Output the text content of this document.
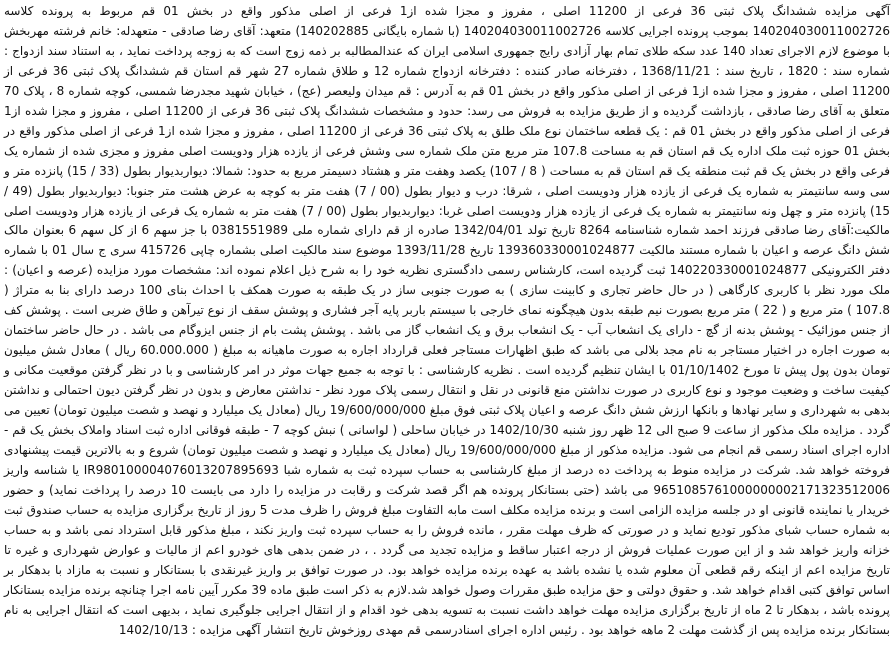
آگهی مزایده ششدانگ پلاک ثبتی 36 فرعی از 11200 اصلی ، مفروز و مجزا شده از1 فرعی از اصلی مذکور واقع در بخش 01 قم مربوط به پرونده کلاسه 140204030011002726 بموجب پرونده اجرایی کلاسه 140204030011002726 (با شماره بایگانی 140202885) متعهد: آقای رضا صادقی - متعهدله: خانم فرشته مهربخش با موضوع لازم الاجرای تعداد 140 عدد سکه طلای تمام بهار آزادی رایج جمهوری اسلامی ایران که عندالمطالبه بر ذمه زوج است که به زوجه پرداخت نماید ، به استناد سند ازدواج : شماره سند : 1820 ، تاریخ سند : 1368/11/21 ، دفترخانه صادر کننده : دفترخانه ازدواج شماره 12 و طلاق شماره 27 شهر قم استان قم ششدانگ پلاک ثبتی 36 فرعی از 11200 اصلی ، مفروز و مجزا شده از1 فرعی از اصلی مذکور واقع در بخش 01 قم به آدرس : قم میدان ولیعصر (عج) ، خیابان شهید مجدرضا شمسی، کوچه شماره 8 ، پلاک 70 متعلق به آقای رضا صادقی ، بازداشت گردیده و از طریق مزایده به فروش می رسد: حدود و مشخصات ششدانگ پلاک ثبتی 36 فرعی از 11200 اصلی ، مفروز و مجزا شده از1 فرعی از اصلی مذکور واقع در بخش 01 قم : یک قطعه ساختمان نوع ملک طلق به پلاک ثبتی 36 فرعی از 11200 اصلی ، مفروز و مجزا شده از1 فرعی از اصلی مذکور واقع در بخش 01 حوزه ثبت ملک اداره یک قم استان قم به مساحت 107.8 متر مربع متن ملک شماره سی وشش فرعی از یازده هزار ودویست اصلی مفروز و مجزی شده از شماره یک فرعی واقع در بخش یک قم ثبت منطقه یک قم استان قم به مساحت ( 8 / 107) یکصد وهفت متر و هشتاد دسیمتر مربع به حدود: شمالا: دیواربدیوار بطول (33 / 15) پانزده متر و سی وسه سانتیمتر به شماره یک فرعی از یازده هزار ودویست اصلی ، شرقا: درب و دیوار بطول (00 / 7) هفت متر به کوچه به عرض هشت متر جنوبا: دیواربدیوار بطول (49 / 15) پانزده متر و چهل ونه سانتیمتر به شماره یک فرعی از یازده هزار ودویست اصلی غربا: دیواربدیوار بطول (00 / 7) هفت متر به شماره یک فرعی از یازده هزار ودویست اصلی مالکیت:آقای رضا صادقی فرزند احمد شماره شناسنامه 8264 تاریخ تولد 1342/04/01 صادره از قم دارای شماره ملی 0381551989 با جز سهم 6 از کل سهم 6 بعنوان مالک شش دانگ عرصه و اعیان با شماره مستند مالکیت 139360330001024877 تاریخ 1393/11/28 موضوع سند مالکیت اصلی بشماره چاپی 415726 سری ج سال 01 با شماره دفتر الکترونیکی 140220330001024877 ثبت گردیده است، کارشناس رسمی دادگستری نظریه خود را به شرح ذیل اعلام نموده اند: مشخصات مورد مزایده (عرصه و اعیان) : ملک مورد نظر با کاربری کارگاهی ( در حال حاضر تجاری و کابینت سازی ) به صورت جنوبی ساز در یک طبقه به صورت همکف با احداث بنای 100 درصد دارای بنا به متراژ ( 107.8 ) متر مربع و ( 22 ) متر مربع بصورت نیم طبقه بدون هیچگونه نمای خارجی با سیستم باربر پایه آجر فشاری و پوشش سقف از نوع تیرآهن و طاق ضربی است . پوشش کف از جنس موزائیک - پوشش بدنه از گچ - دارای یک انشعاب آب - یک انشعاب برق و یک انشعاب گاز می باشد . پوشش پشت بام از جنس ایزوگام می باشد . در حال حاضر ساختمان به صورت اجاره در اختیار مستاجر به نام مجد بلالی می باشد که طبق اظهارات مستاجر فعلی قرارداد اجاره به صورت ماهیانه به مبلغ ( 60.000.000 ریال ) معادل شش میلیون تومان بدون پول پیش تا مورخ 01/10/1402 با ایشان تنظیم گردیده است . نظریه کارشناسی : با توجه به جمیع جهات موثر در امر کارشناسی و با در نظر گرفتن موقعیت مکانی و کیفیت ساخت و وضعیت موجود و نوع کاربری در صورت نداشتن منع قانونی در نقل و انتقال رسمی پلاک مورد نظر - نداشتن معارض و بدون در نظر گرفتن دیون احتمالی و نداشتن بدهی به شهرداری و سایر نهادها و بانکها ارزش شش دانگ عرصه و اعیان پلاک ثبتی فوق مبلغ 19/600/000/000 ریال (معادل یک میلیارد و نهصد و شصت میلیون تومان) تعیین می گردد . مزایده ملک مذکور از ساعت 9 صبح الی 12 ظهر روز شنبه 1402/10/30 در خیابان ساحلی ( لواسانی ) نبش کوچه 7 - طبقه فوقانی اداره ثبت اسناد واملاک بخش یک قم - اداره اجرای اسناد رسمی قم انجام می شود. مزایده مذکور از مبلغ 19/600/000/000 ریال (معادل یک میلیارد و نهصد و شصت میلیون تومان) شروع و به بالاترین قیمت پیشنهادی فروخته خواهد شد. شرکت در مزایده منوط به پرداخت ده درصد از مبلغ کارشناسی به حساب سپرده ثبت به شماره شبا IR980100004076013207895693 یا شناسه واریز 9651085761000000002171323512006 می باشد (حتی بستانکار پرونده هم اگر قصد شرکت و رقابت در مزایده را دارد می بایست 10 درصد را پرداخت نماید) و حضور خریدار یا نماینده قانونی او در جلسه مزایده الزامی است و برنده مزایده مکلف است مابه التفاوت مبلغ فروش را ظرف مدت 5 روز از تاریخ برگزاری مزایده به حساب صندوق ثبت به شماره حساب شبای مذکور تودیع نماید و در صورتی که ظرف مهلت مقرر ، مانده فروش را به حساب سپرده ثبت واریز نکند ، مبلغ مذکور قابل استرداد نمی باشد و به حساب خزانه واریز خواهد شد و از این صورت عملیات فروش از درجه اعتبار ساقط و مزایده تجدید می گردد . ، در ضمن بدهی های خودرو اعم از مالیات و عوارض شهرداری و غیره تا تاریخ مزایده اعم از اینکه رقم قطعی آن معلوم شده یا نشده باشد به عهده برنده مزایده خواهد بود. در صورت توافق بر واریز غیرنقدی با بستانکار و نسبت به مازاد با بدهکار بر اساس توافق کتبی اقدام خواهد شد. و حقوق دولتی و حق مزایده طبق مقررات وصول خواهد شد.لازم به ذکر است طبق ماده 39 مکرر آیین نامه اجرا چنانچه برنده مزایده بستانکار پرونده باشد ، بدهکار تا 2 ماه از تاریخ برگزاری مزایده مهلت خواهد داشت نسبت به تسویه بدهی خود اقدام و از انتقال اجرایی جلوگیری نماید ، بدیهی است که انتقال اجرایی به نام بستانکار برنده مزایده پس از گذشت مهلت 2 ماهه خواهد بود . رئیس اداره اجرای اسنادرسمی قم مهدی روزخوش تاریخ انتشار آگهی مزایده : 1402/10/13
